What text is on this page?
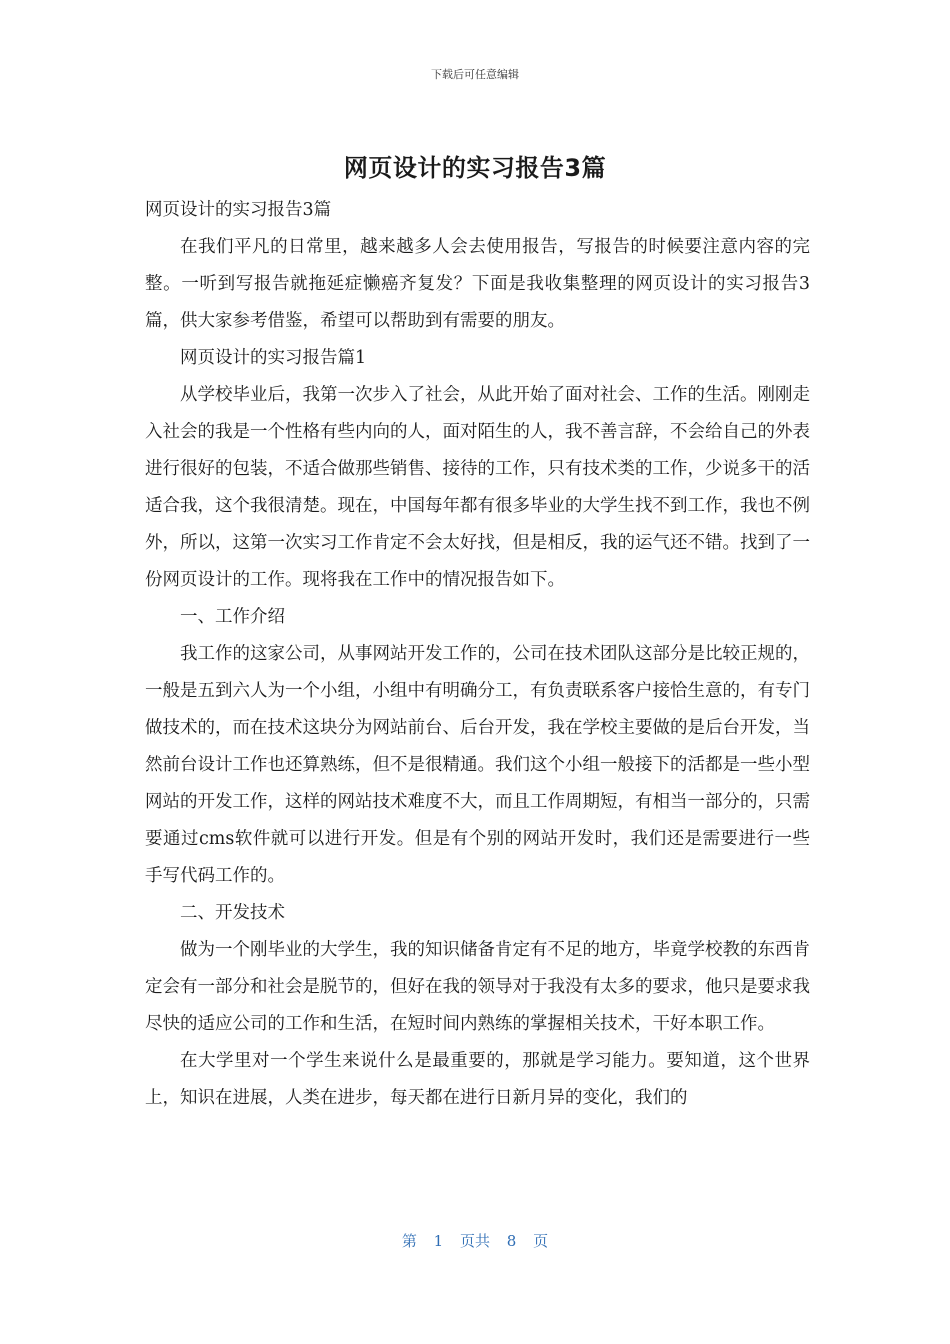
下载后可任意编辑
网页设计的实习报告3篇

网页设计的实习报告3篇

在我们平凡的日常里，越来越多人会去使用报告，写报告的时候要注意内容的完整。一听到写报告就拖延症懒癌齐复发？下面是我收集整理的网页设计的实习报告3篇，供大家参考借鉴，希望可以帮助到有需要的朋友。

网页设计的实习报告篇1

从学校毕业后，我第一次步入了社会，从此开始了面对社会、工作的生活。刚刚走入社会的我是一个性格有些内向的人，面对陌生的人，我不善言辞，不会给自己的外表进行很好的包装，不适合做那些销售、接待的工作，只有技术类的工作，少说多干的活适合我，这个我很清楚。现在，中国每年都有很多毕业的大学生找不到工作，我也不例外，所以，这第一次实习工作肯定不会太好找，但是相反，我的运气还不错。找到了一份网页设计的工作。现将我在工作中的情况报告如下。

一、工作介绍

我工作的这家公司，从事网站开发工作的，公司在技术团队这部分是比较正规的，一般是五到六人为一个小组，小组中有明确分工，有负责联系客户接恰生意的，有专门做技术的，而在技术这块分为网站前台、后台开发，我在学校主要做的是后台开发，当然前台设计工作也还算熟练，但不是很精通。我们这个小组一般接下的活都是一些小型网站的开发工作，这样的网站技术难度不大，而且工作周期短，有相当一部分的，只需要通过cms软件就可以进行开发。但是有个别的网站开发时，我们还是需要进行一些手写代码工作的。

二、开发技术

做为一个刚毕业的大学生，我的知识储备肯定有不足的地方，毕竟学校教的东西肯定会有一部分和社会是脱节的，但好在我的领导对于我没有太多的要求，他只是要求我尽快的适应公司的工作和生活，在短时间内熟练的掌握相关技术，干好本职工作。

在大学里对一个学生来说什么是最重要的，那就是学习能力。要知道，这个世界上，知识在进展，人类在进步，每天都在进行日新月异的变化，我们的

第 1 页共 8 页
